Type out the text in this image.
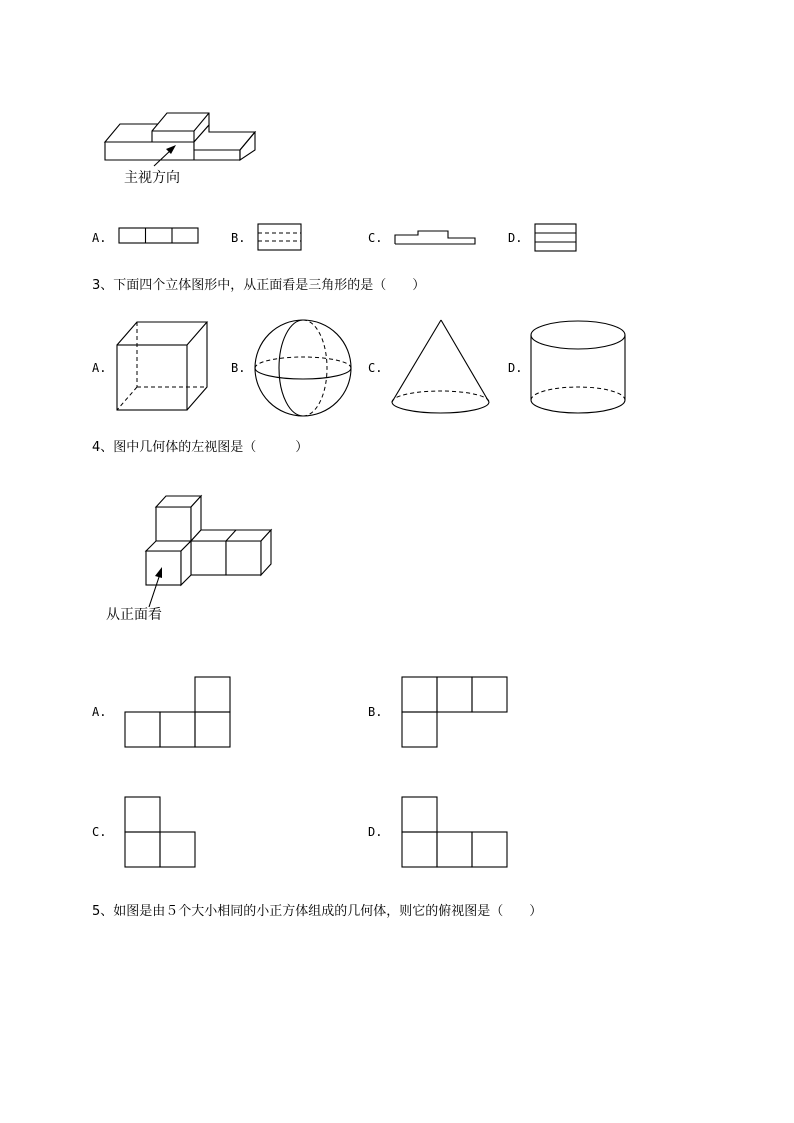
主视方向
A.	B.	C.	D.
3、下面四个立体图形中，从正面看是三角形的是（　　）
A.	B.	C.	D.
4、图中几何体的左视图是（　　　）
从正面看
A.	B.
C.	D.
5、如图是由５个大小相同的小正方体组成的几何体，则它的俯视图是（　　）
